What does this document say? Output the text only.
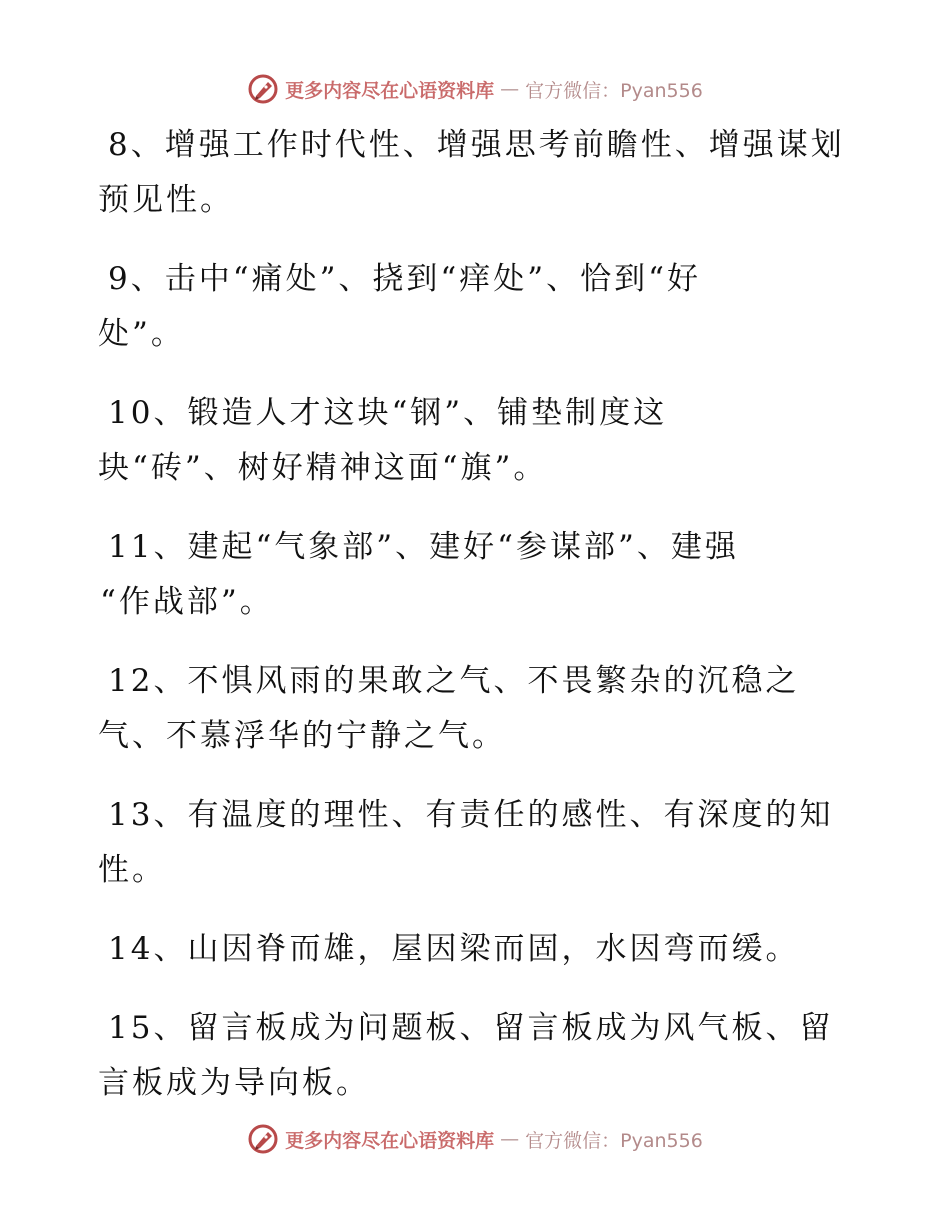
更多内容尽在心语资料库 — 官方微信：Pyan556
8、增强工作时代性、增强思考前瞻性、增强谋划
预见性。
9、击中“痛处”、挠到“痒处”、恰到“好
处”。
10、锻造人才这块“钢”、铺垫制度这
块“砖”、树好精神这面“旗”。
11、建起“气象部”、建好“参谋部”、建强
“作战部”。
12、不惧风雨的果敢之气、不畏繁杂的沉稳之
气、不慕浮华的宁静之气。
13、有温度的理性、有责任的感性、有深度的知
性。
14、山因脊而雄，屋因梁而固，水因弯而缓。
15、留言板成为问题板、留言板成为风气板、留
言板成为导向板。
更多内容尽在心语资料库 — 官方微信：Pyan556
